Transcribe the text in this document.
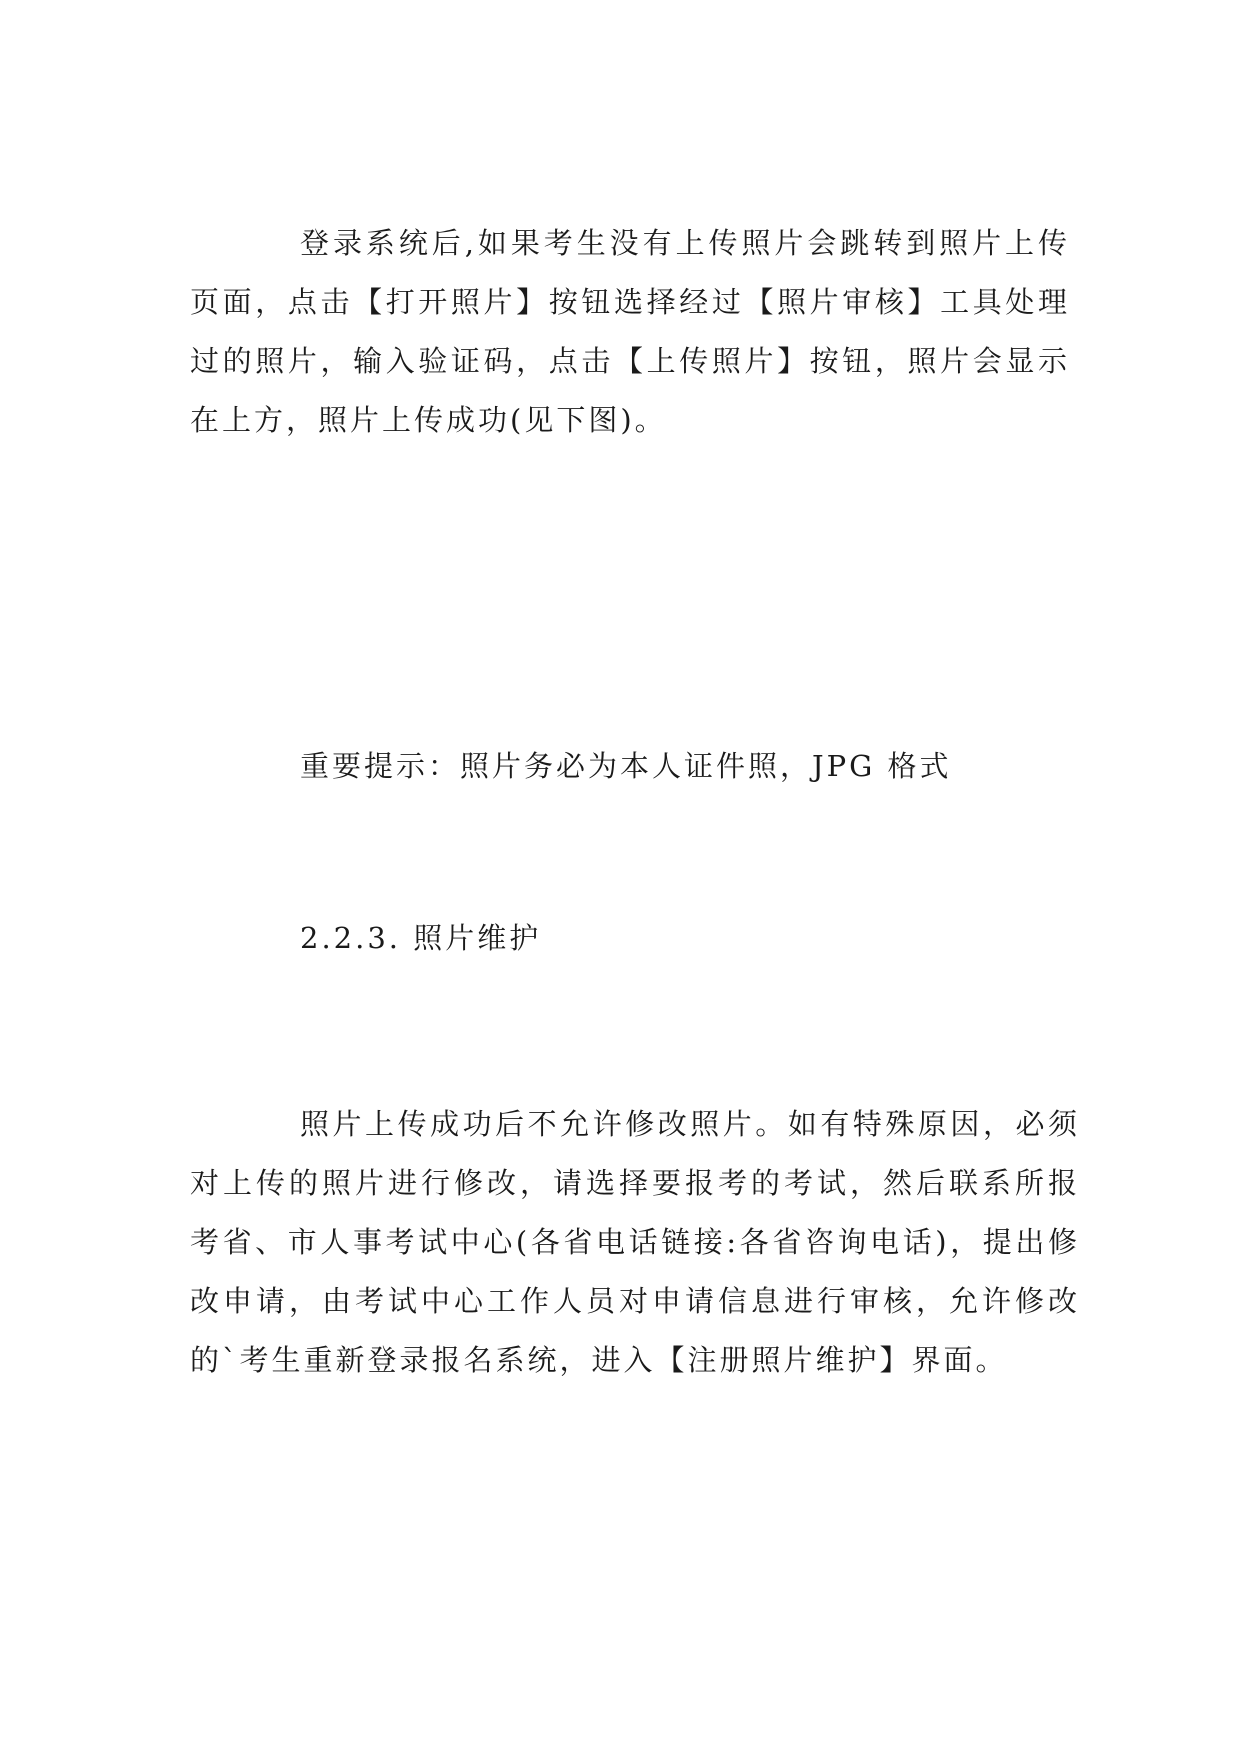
登录系统后,如果考生没有上传照片会跳转到照片上传页面，点击【打开照片】按钮选择经过【照片审核】工具处理过的照片，输入验证码，点击【上传照片】按钮，照片会显示在上方，照片上传成功(见下图)。

重要提示：照片务必为本人证件照，JPG 格式

2.2.3. 照片维护

照片上传成功后不允许修改照片。如有特殊原因，必须对上传的照片进行修改，请选择要报考的考试，然后联系所报考省、市人事考试中心(各省电话链接:各省咨询电话)，提出修改申请，由考试中心工作人员对申请信息进行审核，允许修改的`考生重新登录报名系统，进入【注册照片维护】界面。
